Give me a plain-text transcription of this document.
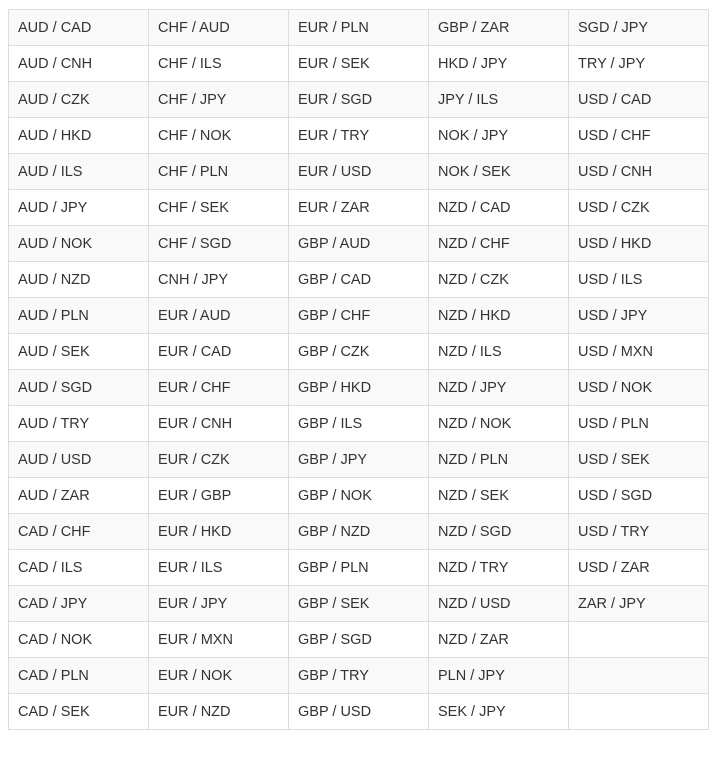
AUD / CAD	CHF / AUD	EUR / PLN	GBP / ZAR	SGD / JPY
AUD / CNH	CHF / ILS	EUR / SEK	HKD / JPY	TRY / JPY
AUD / CZK	CHF / JPY	EUR / SGD	JPY / ILS	USD / CAD
AUD / HKD	CHF / NOK	EUR / TRY	NOK / JPY	USD / CHF
AUD / ILS	CHF / PLN	EUR / USD	NOK / SEK	USD / CNH
AUD / JPY	CHF / SEK	EUR / ZAR	NZD / CAD	USD / CZK
AUD / NOK	CHF / SGD	GBP / AUD	NZD / CHF	USD / HKD
AUD / NZD	CNH / JPY	GBP / CAD	NZD / CZK	USD / ILS
AUD / PLN	EUR / AUD	GBP / CHF	NZD / HKD	USD / JPY
AUD / SEK	EUR / CAD	GBP / CZK	NZD / ILS	USD / MXN
AUD / SGD	EUR / CHF	GBP / HKD	NZD / JPY	USD / NOK
AUD / TRY	EUR / CNH	GBP / ILS	NZD / NOK	USD / PLN
AUD / USD	EUR / CZK	GBP / JPY	NZD / PLN	USD / SEK
AUD / ZAR	EUR / GBP	GBP / NOK	NZD / SEK	USD / SGD
CAD / CHF	EUR / HKD	GBP / NZD	NZD / SGD	USD / TRY
CAD / ILS	EUR / ILS	GBP / PLN	NZD / TRY	USD / ZAR
CAD / JPY	EUR / JPY	GBP / SEK	NZD / USD	ZAR / JPY
CAD / NOK	EUR / MXN	GBP / SGD	NZD / ZAR	
CAD / PLN	EUR / NOK	GBP / TRY	PLN / JPY	
CAD / SEK	EUR / NZD	GBP / USD	SEK / JPY	
